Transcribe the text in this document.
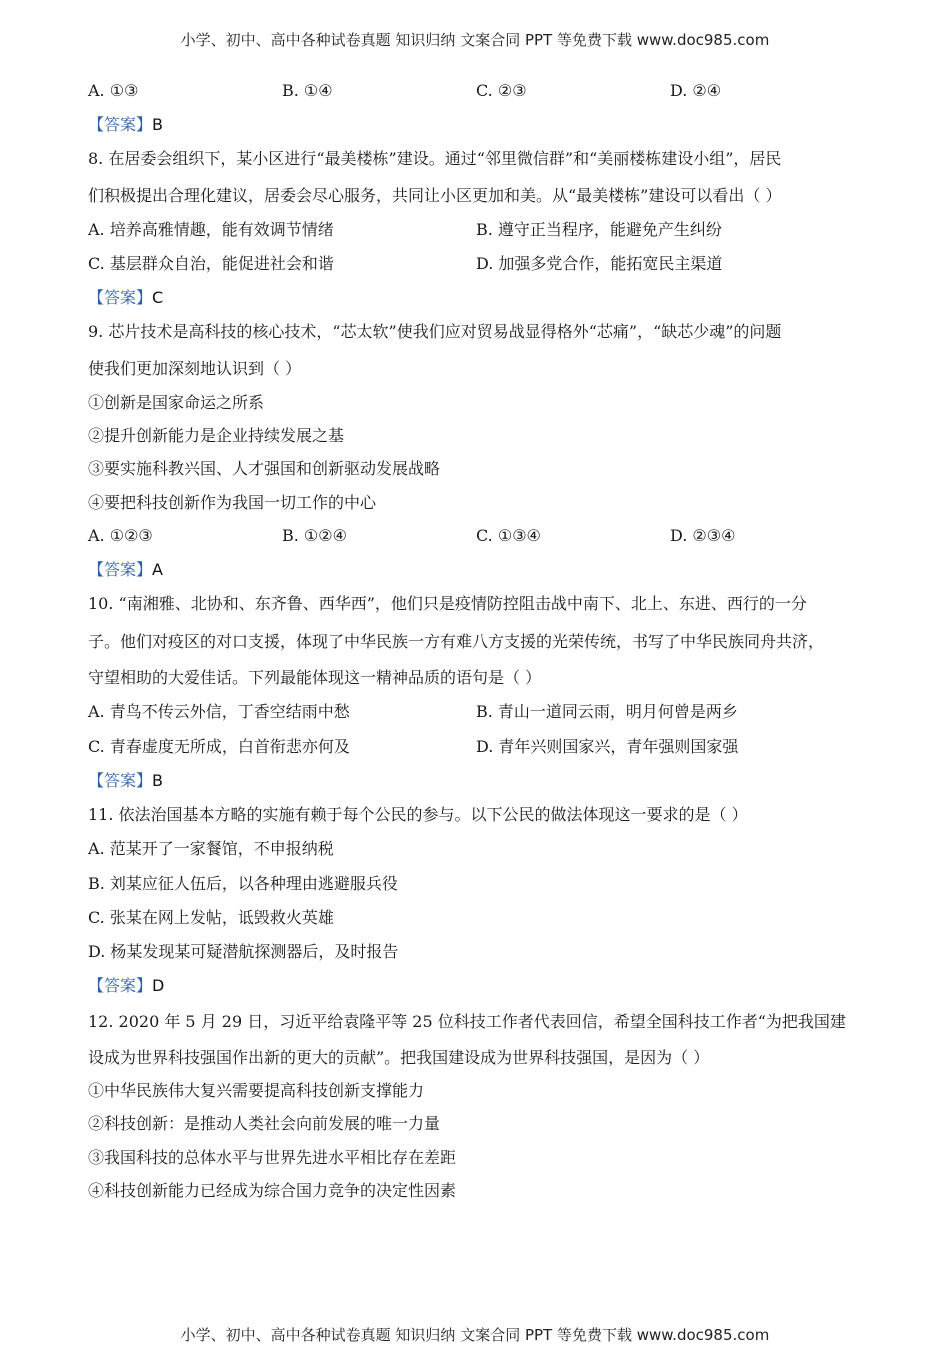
小学、初中、高中各种试卷真题 知识归纳 文案合同 PPT 等免费下载 www.doc985.com
A. ①③	B. ①④	C. ②③	D. ②④
【答案】B
8. 在居委会组织下，某小区进行“最美楼栋”建设。通过“邻里微信群”和“美丽楼栋建设小组”，居民
们积极提出合理化建议，居委会尽心服务，共同让小区更加和美。从“最美楼栋”建设可以看出（ ）
A. 培养高雅情趣，能有效调节情绪	B. 遵守正当程序，能避免产生纠纷
C. 基层群众自治，能促进社会和谐	D. 加强多党合作，能拓宽民主渠道
【答案】C
9. 芯片技术是高科技的核心技术，“芯太软”使我们应对贸易战显得格外“芯痛”，“缺芯少魂”的问题
使我们更加深刻地认识到（ ）
①创新是国家命运之所系
②提升创新能力是企业持续发展之基
③要实施科教兴国、人才强国和创新驱动发展战略
④要把科技创新作为我国一切工作的中心
A. ①②③	B. ①②④	C. ①③④	D. ②③④
【答案】A
10. “南湘雅、北协和、东齐鲁、西华西”，他们只是疫情防控阻击战中南下、北上、东进、西行的一分
子。他们对疫区的对口支援，体现了中华民族一方有难八方支援的光荣传统，书写了中华民族同舟共济，
守望相助的大爱佳话。下列最能体现这一精神品质的语句是（ ）
A. 青鸟不传云外信，丁香空结雨中愁	B. 青山一道同云雨，明月何曾是两乡
C. 青春虚度无所成，白首衔悲亦何及	D. 青年兴则国家兴，青年强则国家强
【答案】B
11. 依法治国基本方略的实施有赖于每个公民的参与。以下公民的做法体现这一要求的是（ ）
A. 范某开了一家餐馆，不申报纳税
B. 刘某应征人伍后，以各种理由逃避服兵役
C. 张某在网上发帖，诋毁救火英雄
D. 杨某发现某可疑潜航探测器后，及时报告
【答案】D
12. 2020 年 5 月 29 日，习近平给袁隆平等 25 位科技工作者代表回信，希望全国科技工作者“为把我国建
设成为世界科技强国作出新的更大的贡献”。把我国建设成为世界科技强国，是因为（ ）
①中华民族伟大复兴需要提高科技创新支撑能力
②科技创新：是推动人类社会向前发展的唯一力量
③我国科技的总体水平与世界先进水平相比存在差距
④科技创新能力已经成为综合国力竞争的决定性因素
小学、初中、高中各种试卷真题 知识归纳 文案合同 PPT 等免费下载 www.doc985.com
